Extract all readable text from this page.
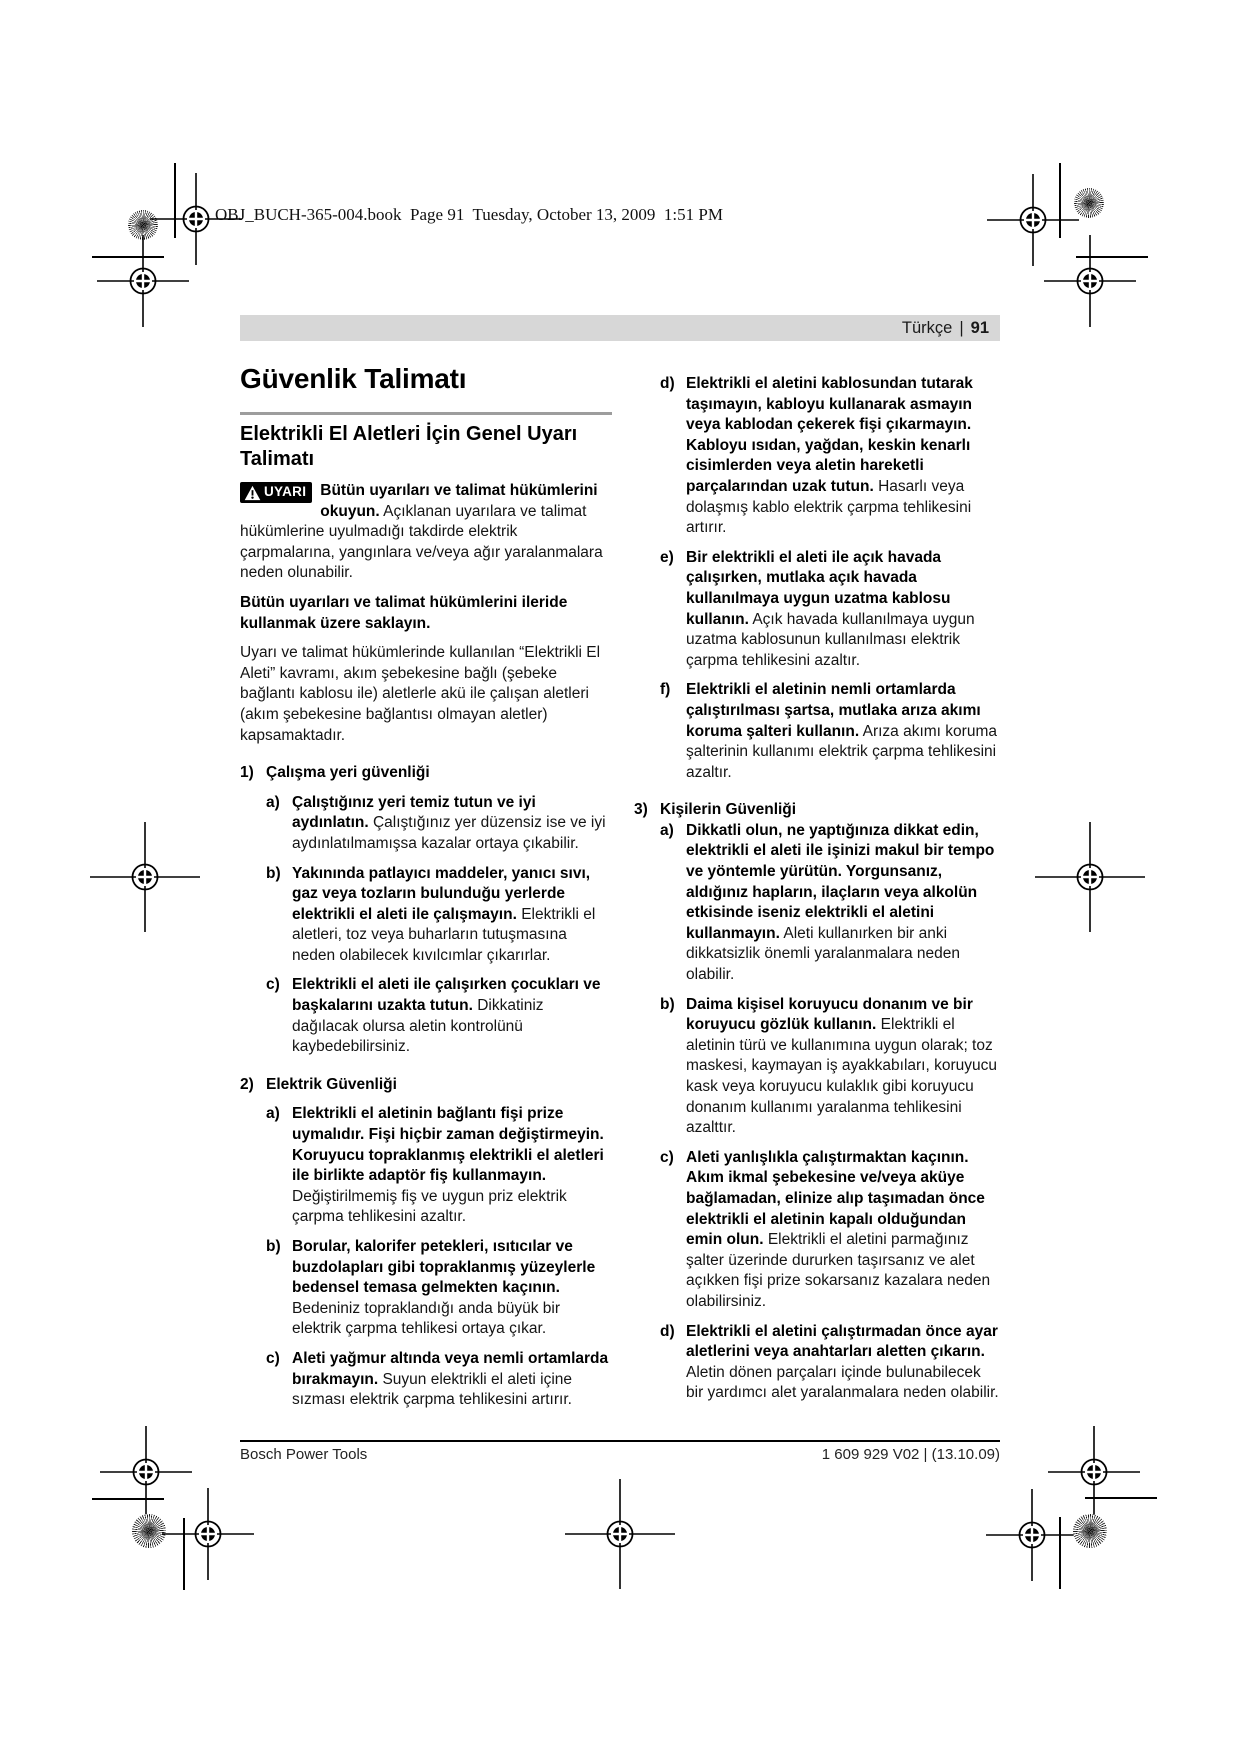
OBJ_BUCH-365-004.book  Page 91  Tuesday, October 13, 2009  1:51 PM
Türkçe | 91
Güvenlik Talimatı
Elektrikli El Aletleri İçin Genel Uyarı Talimatı

UYARI Bütün uyarıları ve talimat hükümlerini okuyun. Açıklanan uyarılara ve talimat hükümlerine uyulmadığı takdirde elektrik çarpmalarına, yangınlara ve/veya ağır yaralanmalara neden olunabilir.

Bütün uyarıları ve talimat hükümlerini ileride kullanmak üzere saklayın.

Uyarı ve talimat hükümlerinde kullanılan “Elektrikli El Aleti” kavramı, akım şebekesine bağlı (şebeke bağlantı kablosu ile) aletlerle akü ile çalışan aletleri (akım şebekesine bağlantısı olmayan aletler) kapsamaktadır.

1) Çalışma yeri güvenliği
a) Çalıştığınız yeri temiz tutun ve iyi aydınlatın. Çalıştığınız yer düzensiz ise ve iyi aydınlatılmamışsa kazalar ortaya çıkabilir.
b) Yakınında patlayıcı maddeler, yanıcı sıvı, gaz veya tozların bulunduğu yerlerde elektrikli el aleti ile çalışmayın. Elektrikli el aletleri, toz veya buharların tutuşmasına neden olabilecek kıvılcımlar çıkarırlar.
c) Elektrikli el aleti ile çalışırken çocukları ve başkalarını uzakta tutun. Dikkatiniz dağılacak olursa aletin kontrolünü kaybedebilirsiniz.
2) Elektrik Güvenliği
a) Elektrikli el aletinin bağlantı fişi prize uymalıdır. Fişi hiçbir zaman değiştirmeyin. Koruyucu topraklanmış elektrikli el aletleri ile birlikte adaptör fiş kullanmayın. Değiştirilmemiş fiş ve uygun priz elektrik çarpma tehlikesini azaltır.
b) Borular, kalorifer petekleri, ısıtıcılar ve buzdolapları gibi topraklanmış yüzeylerle bedensel temasa gelmekten kaçının. Bedeniniz topraklandığı anda büyük bir elektrik çarpma tehlikesi ortaya çıkar.
c) Aleti yağmur altında veya nemli ortamlarda bırakmayın. Suyun elektrikli el aleti içine sızması elektrik çarpma tehlikesini artırır.
d) Elektrikli el aletini kablosundan tutarak taşımayın, kabloyu kullanarak asmayın veya kablodan çekerek fişi çıkarmayın. Kabloyu ısıdan, yağdan, keskin kenarlı cisimlerden veya aletin hareketli parçalarından uzak tutun. Hasarlı veya dolaşmış kablo elektrik çarpma tehlikesini artırır.
e) Bir elektrikli el aleti ile açık havada çalışırken, mutlaka açık havada kullanılmaya uygun uzatma kablosu kullanın. Açık havada kullanılmaya uygun uzatma kablosunun kullanılması elektrik çarpma tehlikesini azaltır.
f)	Elektrikli el aletinin nemli ortamlarda çalıştırılması şartsa, mutlaka arıza akımı koruma şalteri kullanın. Arıza akımı koruma şalterinin kullanımı elektrik çarpma tehlikesini azaltır.
3) Kişilerin Güvenliği
a) Dikkatli olun, ne yaptığınıza dikkat edin, elektrikli el aleti ile işinizi makul bir tempo ve yöntemle yürütün. Yorgunsanız, aldığınız hapların, ilaçların veya alkolün etkisinde iseniz elektrikli el aletini kullanmayın. Aleti kullanırken bir anki dikkatsizlik önemli yaralanmalara neden olabilir.
b) Daima kişisel koruyucu donanım ve bir koruyucu gözlük kullanın. Elektrikli el aletinin türü ve kullanımına uygun olarak; toz maskesi, kaymayan iş ayakkabıları, koruyucu kask veya koruyucu kulaklık gibi koruyucu donanım kullanımı yaralanma tehlikesini azalttır.
c) Aleti yanlışlıkla çalıştırmaktan kaçının. Akım ikmal şebekesine ve/veya aküye bağlamadan, elinize alıp taşımadan önce elektrikli el aletinin kapalı olduğundan emin olun. Elektrikli el aletini parmağınız şalter üzerinde dururken taşırsanız ve alet açıkken fişi prize sokarsanız kazalara neden olabilirsiniz.
d) Elektrikli el aletini çalıştırmadan önce ayar aletlerini veya anahtarları aletten çıkarın. Aletin dönen parçaları içinde bulunabilecek bir yardımcı alet yaralanmalara neden olabilir.
Bosch Power Tools	1 609 929 V02 | (13.10.09)
